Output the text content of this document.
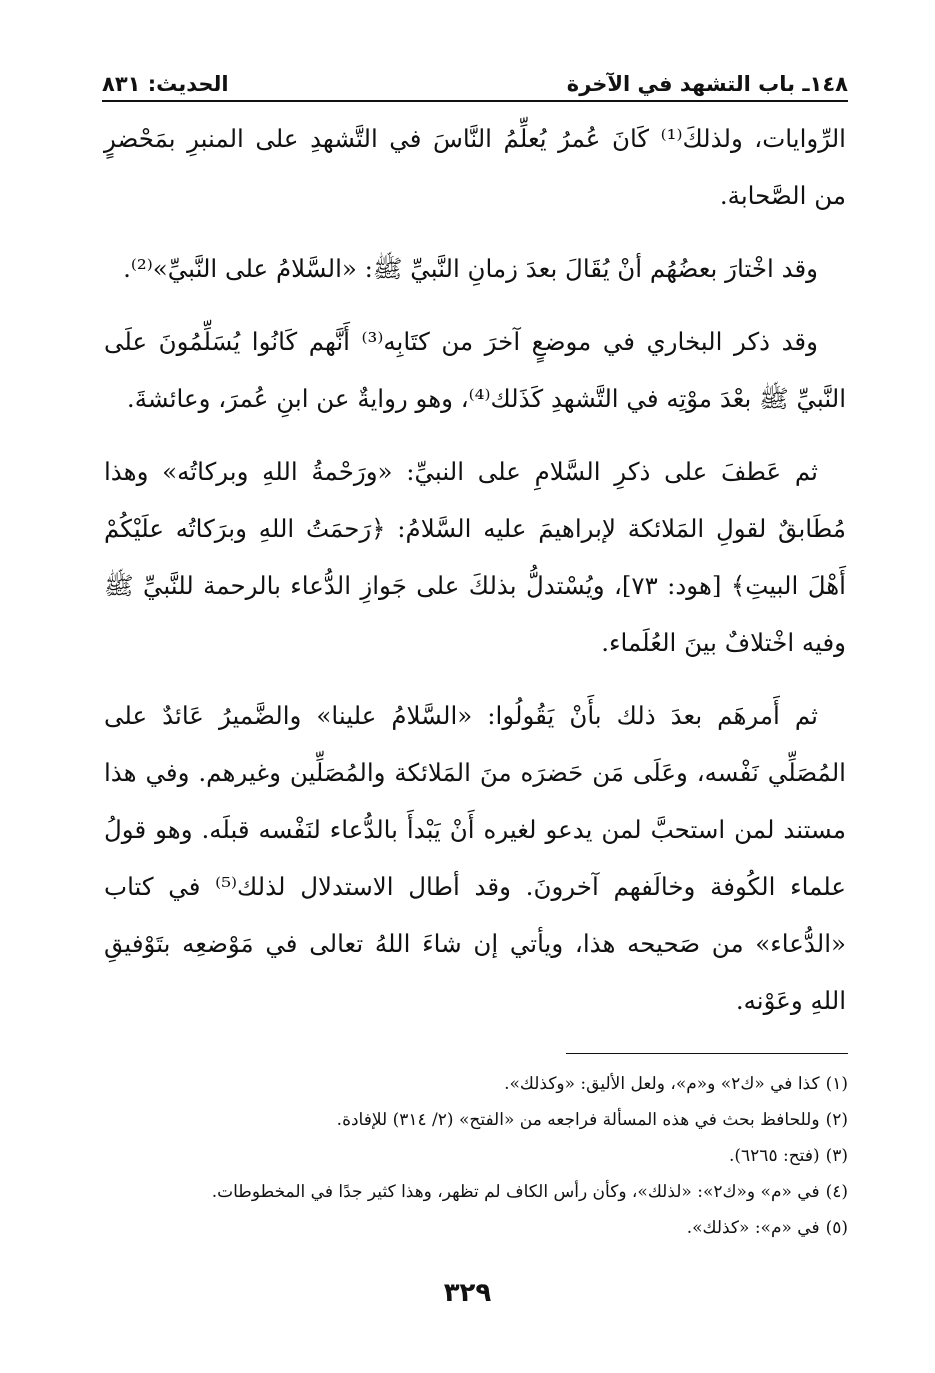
١٤٨ـ باب التشهد في الآخرة
الحديث: ٨٣١

الرِّوايات، ولذلكَ⁽¹⁾ كَانَ عُمرُ يُعلِّمُ النَّاسَ في التَّشهدِ على المنبرِ بمَحْضرٍ من الصَّحابة.

وقد اخْتارَ بعضُهُم أنْ يُقَالَ بعدَ زمانِ النَّبيِّ ﷺ: «السَّلامُ على النَّبيِّ»⁽²⁾.

وقد ذكر البخاري في موضعٍ آخرَ من كتَابِه⁽³⁾ أَنَّهم كَانُوا يُسَلِّمُونَ علَى النَّبيِّ ﷺ بعْدَ موْتِه في التَّشهدِ كَذَلك⁽⁴⁾، وهو روايةٌ عن ابنِ عُمرَ، وعائشةَ.

ثم عَطفَ على ذكرِ السَّلامِ على النبيِّ: «ورَحْمةُ اللهِ وبركاتُه» وهذا مُطَابقٌ لقولِ المَلائكة لإبراهيمَ عليه السَّلامُ: ﴿رَحمَتُ اللهِ وبرَكاتُه علَيْكُمْ أَهْلَ البيتِ﴾ [هود: ٧٣]، ويُسْتدلُّ بذلكَ على جَوازِ الدُّعاء بالرحمة للنَّبيِّ ﷺ وفيه اخْتلافٌ بينَ العُلَماء.

ثم أَمرهَم بعدَ ذلك بأَنْ يَقُولُوا: «السَّلامُ علينا» والضَّميرُ عَائدٌ على المُصَلِّي نَفْسه، وعَلَى مَن حَضرَه منَ المَلائكة والمُصَلِّين وغيرهم. وفي هذا مستند لمن استحبَّ لمن يدعو لغيره أَنْ يَبْدأَ بالدُّعاء لنَفْسه قبلَه. وهو قولُ علماء الكُوفة وخالَفهم آخرونَ. وقد أطال الاستدلال لذلك⁽⁵⁾ في كتاب «الدُّعاء» من صَحيحه هذا، ويأتي إن شاءَ اللهُ تعالى في مَوْضعِه بتَوْفيقِ اللهِ وعَوْنه.

(١)كذا في «ك٢» و«م»، ولعل الأليق: «وكذلك».
(٢)وللحافظ بحث في هذه المسألة فراجعه من «الفتح» (٢/ ٣١٤) للإفادة.
(٣)(فتح: ٦٢٦٥).
(٤)في «م» و«ك٢»: «لذلك»، وكأن رأس الكاف لم تظهر، وهذا كثير جدًا في المخطوطات.
(٥)في «م»: «كذلك».
٣٢٩
